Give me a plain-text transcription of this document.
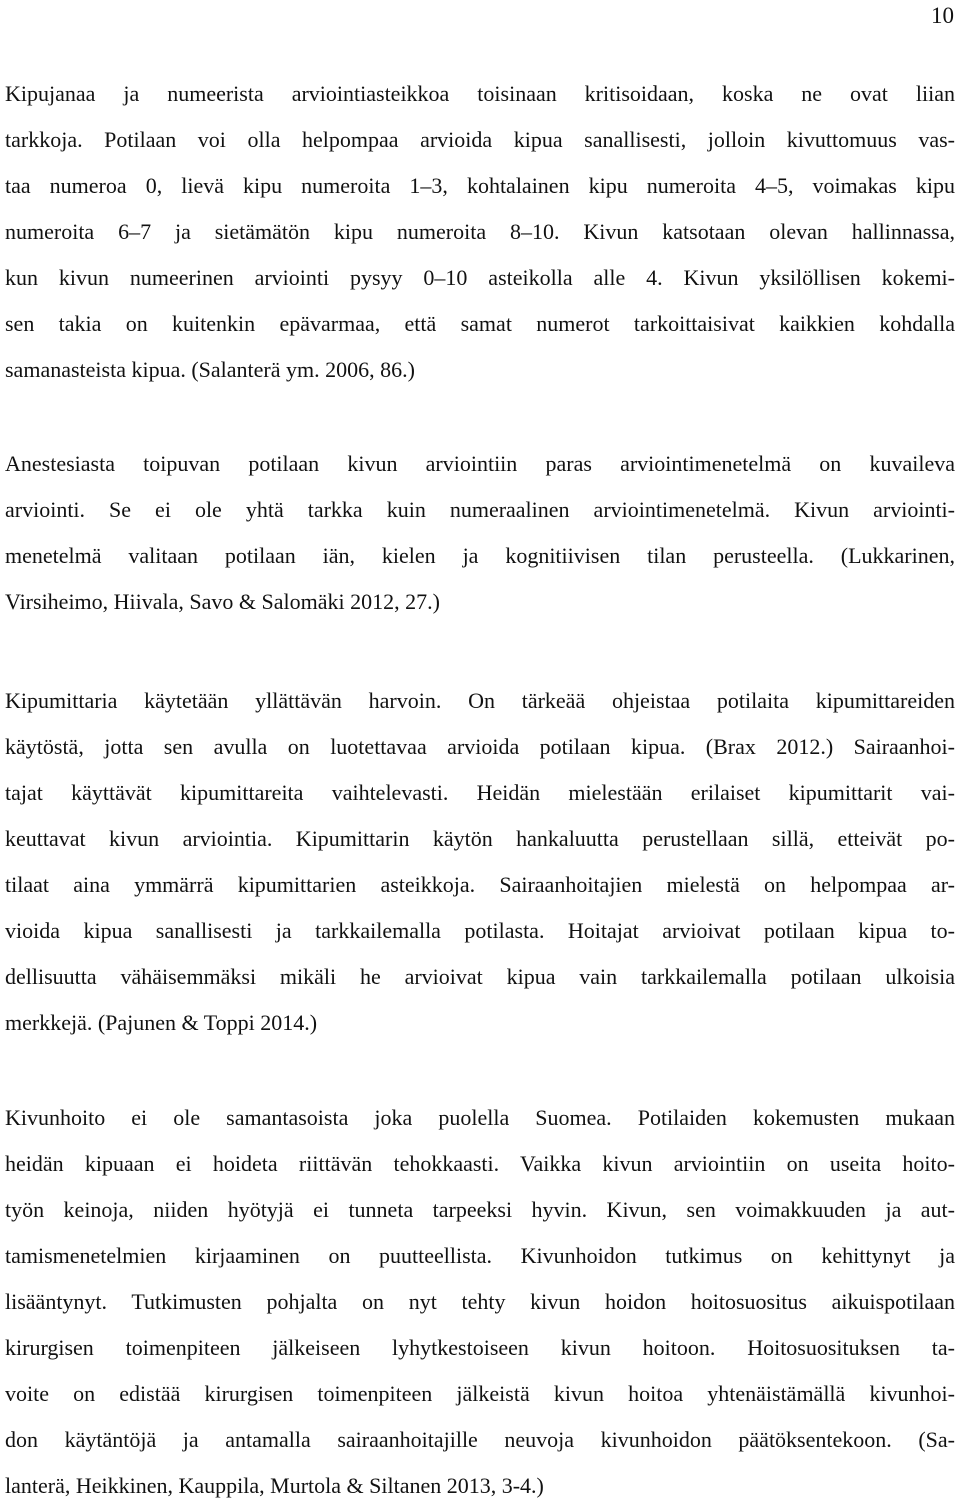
10
Kipujanaa ja numeerista arviointiasteikkoa toisinaan kritisoidaan, koska ne ovat liian
tarkkoja. Potilaan voi olla helpompaa arvioida kipua sanallisesti, jolloin kivuttomuus vas-
taa numeroa 0, lievä kipu numeroita 1–3, kohtalainen kipu numeroita 4–5, voimakas kipu
numeroita 6–7 ja sietämätön kipu numeroita 8–10. Kivun katsotaan olevan hallinnassa,
kun kivun numeerinen arviointi pysyy 0–10 asteikolla alle 4. Kivun yksilöllisen kokemi-
sen takia on kuitenkin epävarmaa, että samat numerot tarkoittaisivat kaikkien kohdalla
samanasteista kipua. (Salanterä ym. 2006, 86.)
Anestesiasta toipuvan potilaan kivun arviointiin paras arviointimenetelmä on kuvaileva
arviointi. Se ei ole yhtä tarkka kuin numeraalinen arviointimenetelmä. Kivun arviointi-
menetelmä valitaan potilaan iän, kielen ja kognitiivisen tilan perusteella. (Lukkarinen,
Virsiheimo, Hiivala, Savo & Salomäki 2012, 27.)
Kipumittaria käytetään yllättävän harvoin. On tärkeää ohjeistaa potilaita kipumittareiden
käytöstä, jotta sen avulla on luotettavaa arvioida potilaan kipua. (Brax 2012.) Sairaanhoi-
tajat käyttävät kipumittareita vaihtelevasti. Heidän mielestään erilaiset kipumittarit vai-
keuttavat kivun arviointia. Kipumittarin käytön hankaluutta perustellaan sillä, etteivät po-
tilaat aina ymmärrä kipumittarien asteikkoja. Sairaanhoitajien mielestä on helpompaa ar-
vioida kipua sanallisesti ja tarkkailemalla potilasta. Hoitajat arvioivat potilaan kipua to-
dellisuutta vähäisemmäksi mikäli he arvioivat kipua vain tarkkailemalla potilaan ulkoisia
merkkejä. (Pajunen & Toppi 2014.)
Kivunhoito ei ole samantasoista joka puolella Suomea. Potilaiden kokemusten mukaan
heidän kipuaan ei hoideta riittävän tehokkaasti. Vaikka kivun arviointiin on useita hoito-
työn keinoja, niiden hyötyjä ei tunneta tarpeeksi hyvin. Kivun, sen voimakkuuden ja aut-
tamismenetelmien kirjaaminen on puutteellista. Kivunhoidon tutkimus on kehittynyt ja
lisääntynyt. Tutkimusten pohjalta on nyt tehty kivun hoidon hoitosuositus aikuispotilaan
kirurgisen toimenpiteen jälkeiseen lyhytkestoiseen kivun hoitoon. Hoitosuosituksen ta-
voite on edistää kirurgisen toimenpiteen jälkeistä kivun hoitoa yhtenäistämällä kivunhoi-
don käytäntöjä ja antamalla sairaanhoitajille neuvoja kivunhoidon päätöksentekoon. (Sa-
lanterä, Heikkinen, Kauppila, Murtola & Siltanen 2013, 3-4.)
